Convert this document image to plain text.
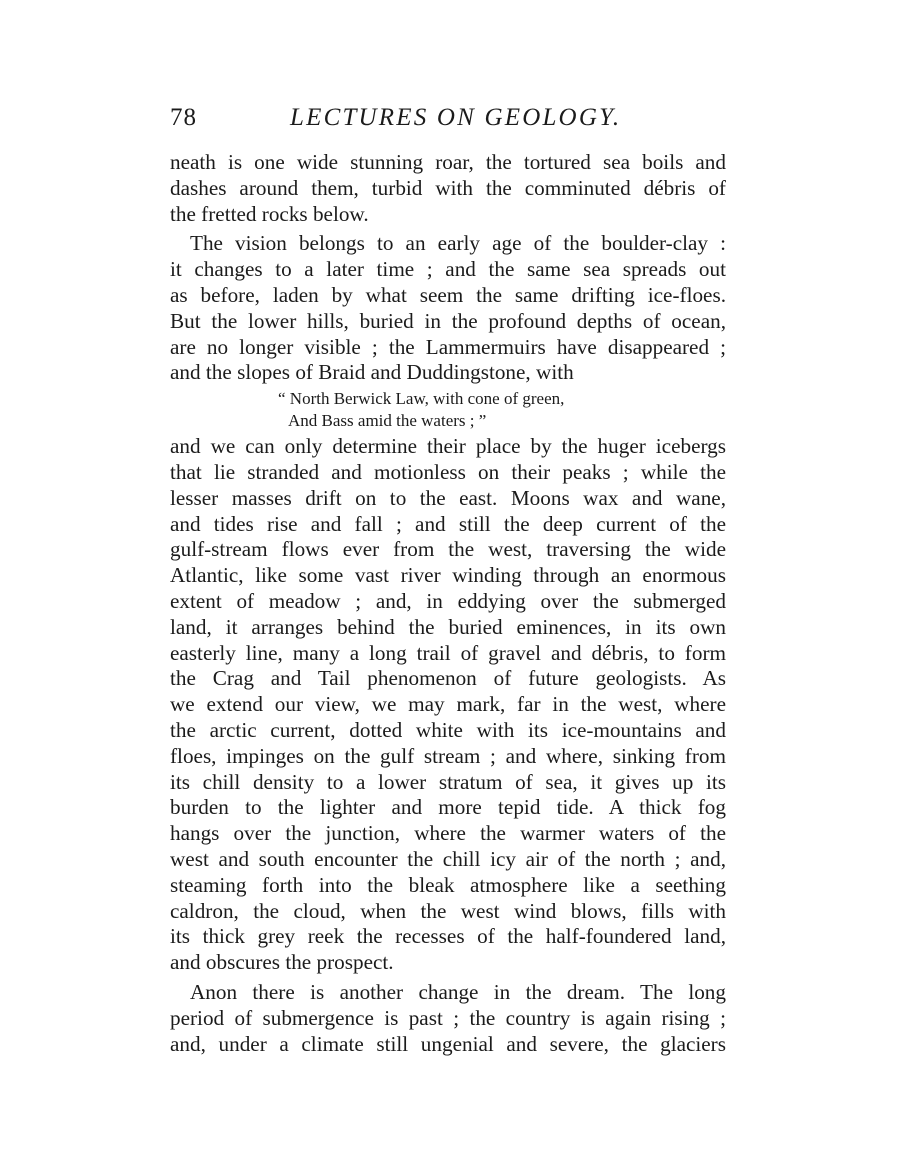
78	LECTURES ON GEOLOGY.
neath is one wide stunning roar, the tortured sea boils and
dashes around them, turbid with the comminuted débris of
the fretted rocks below.
The vision belongs to an early age of the boulder-clay :
it changes to a later time ; and the same sea spreads out
as before, laden by what seem the same drifting ice-floes.
But the lower hills, buried in the profound depths of ocean,
are no longer visible ; the Lammermuirs have disappeared ;
and the slopes of Braid and Duddingstone, with
“ North Berwick Law, with cone of green,
And Bass amid the waters ; ”
and we can only determine their place by the huger icebergs
that lie stranded and motionless on their peaks ; while the
lesser masses drift on to the east. Moons wax and wane,
and tides rise and fall ; and still the deep current of the
gulf-stream flows ever from the west, traversing the wide
Atlantic, like some vast river winding through an enormous
extent of meadow ; and, in eddying over the submerged
land, it arranges behind the buried eminences, in its own
easterly line, many a long trail of gravel and débris, to form
the Crag and Tail phenomenon of future geologists. As
we extend our view, we may mark, far in the west, where
the arctic current, dotted white with its ice-mountains and
floes, impinges on the gulf stream ; and where, sinking from
its chill density to a lower stratum of sea, it gives up its
burden to the lighter and more tepid tide. A thick fog
hangs over the junction, where the warmer waters of the
west and south encounter the chill icy air of the north ; and,
steaming forth into the bleak atmosphere like a seething
caldron, the cloud, when the west wind blows, fills with
its thick grey reek the recesses of the half-foundered land,
and obscures the prospect.
Anon there is another change in the dream. The long
period of submergence is past ; the country is again rising ;
and, under a climate still ungenial and severe, the glaciers
